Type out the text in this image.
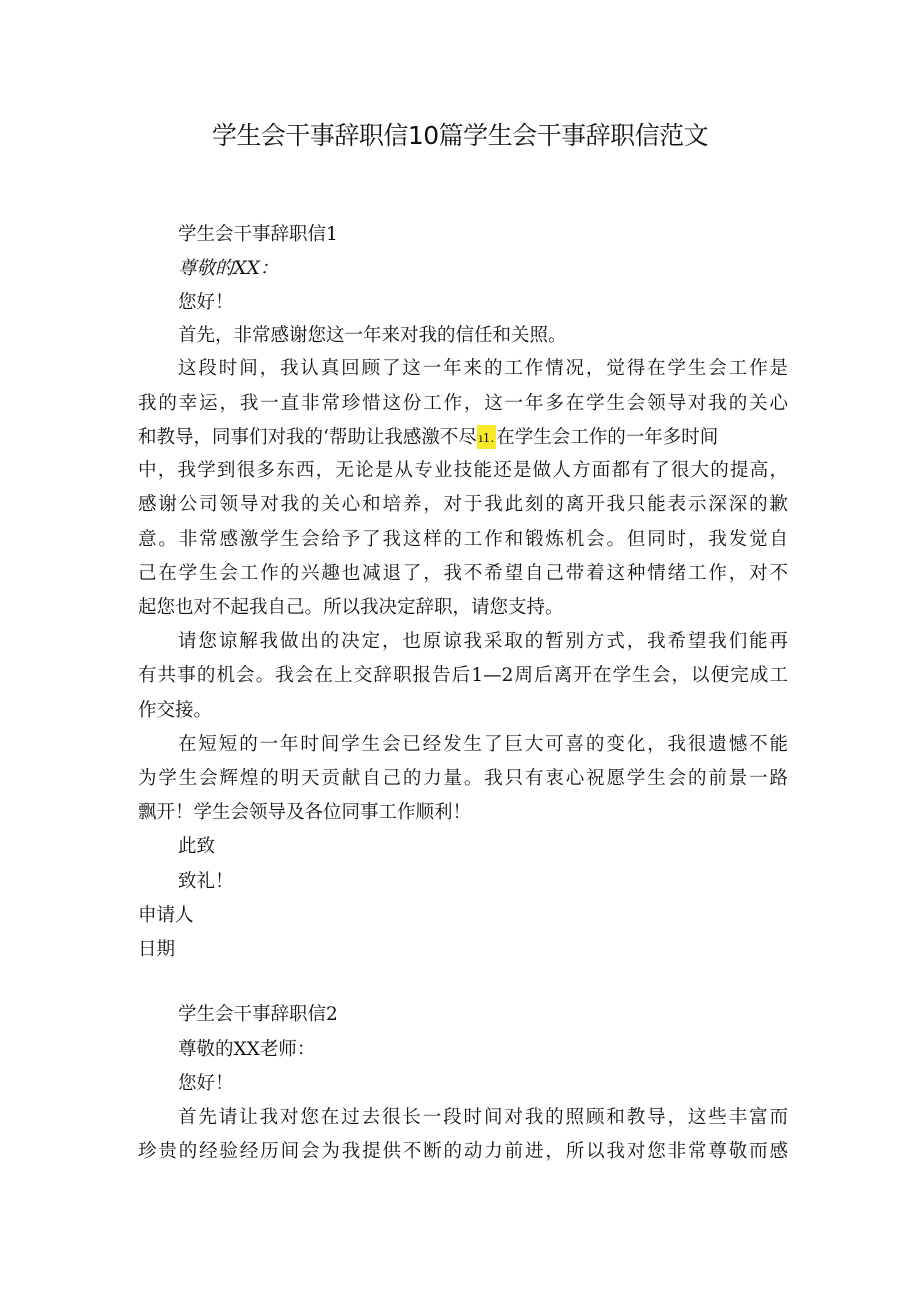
学生会干事辞职信10篇学生会干事辞职信范文
学生会干事辞职信1
尊敬的XX：
您好！
首先，非常感谢您这一年来对我的信任和关照。
这段时间，我认真回顾了这一年来的工作情况，觉得在学生会工作是
我的幸运，我一直非常珍惜这份工作，这一年多在学生会领导对我的关心
和教导，同事们对我的‘帮助让我感激不尽 ı1. 在学生会工作的一年多时间
中，我学到很多东西，无论是从专业技能还是做人方面都有了很大的提高，
感谢公司领导对我的关心和培养，对于我此刻的离开我只能表示深深的歉
意。非常感激学生会给予了我这样的工作和锻炼机会。但同时，我发觉自
己在学生会工作的兴趣也减退了，我不希望自己带着这种情绪工作，对不
起您也对不起我自己。所以我决定辞职，请您支持。
请您谅解我做出的决定，也原谅我采取的暂别方式，我希望我们能再
有共事的机会。我会在上交辞职报告后1—2周后离开在学生会，以便完成工
作交接。
在短短的一年时间学生会已经发生了巨大可喜的变化，我很遗憾不能
为学生会辉煌的明天贡献自己的力量。我只有衷心祝愿学生会的前景一路
飘开！学生会领导及各位同事工作顺利！
此致
致礼！
申请人
日期
学生会干事辞职信2
尊敬的XX老师：
您好！
首先请让我对您在过去很长一段时间对我的照顾和教导，这些丰富而
珍贵的经验经历间会为我提供不断的动力前进，所以我对您非常尊敬而感
